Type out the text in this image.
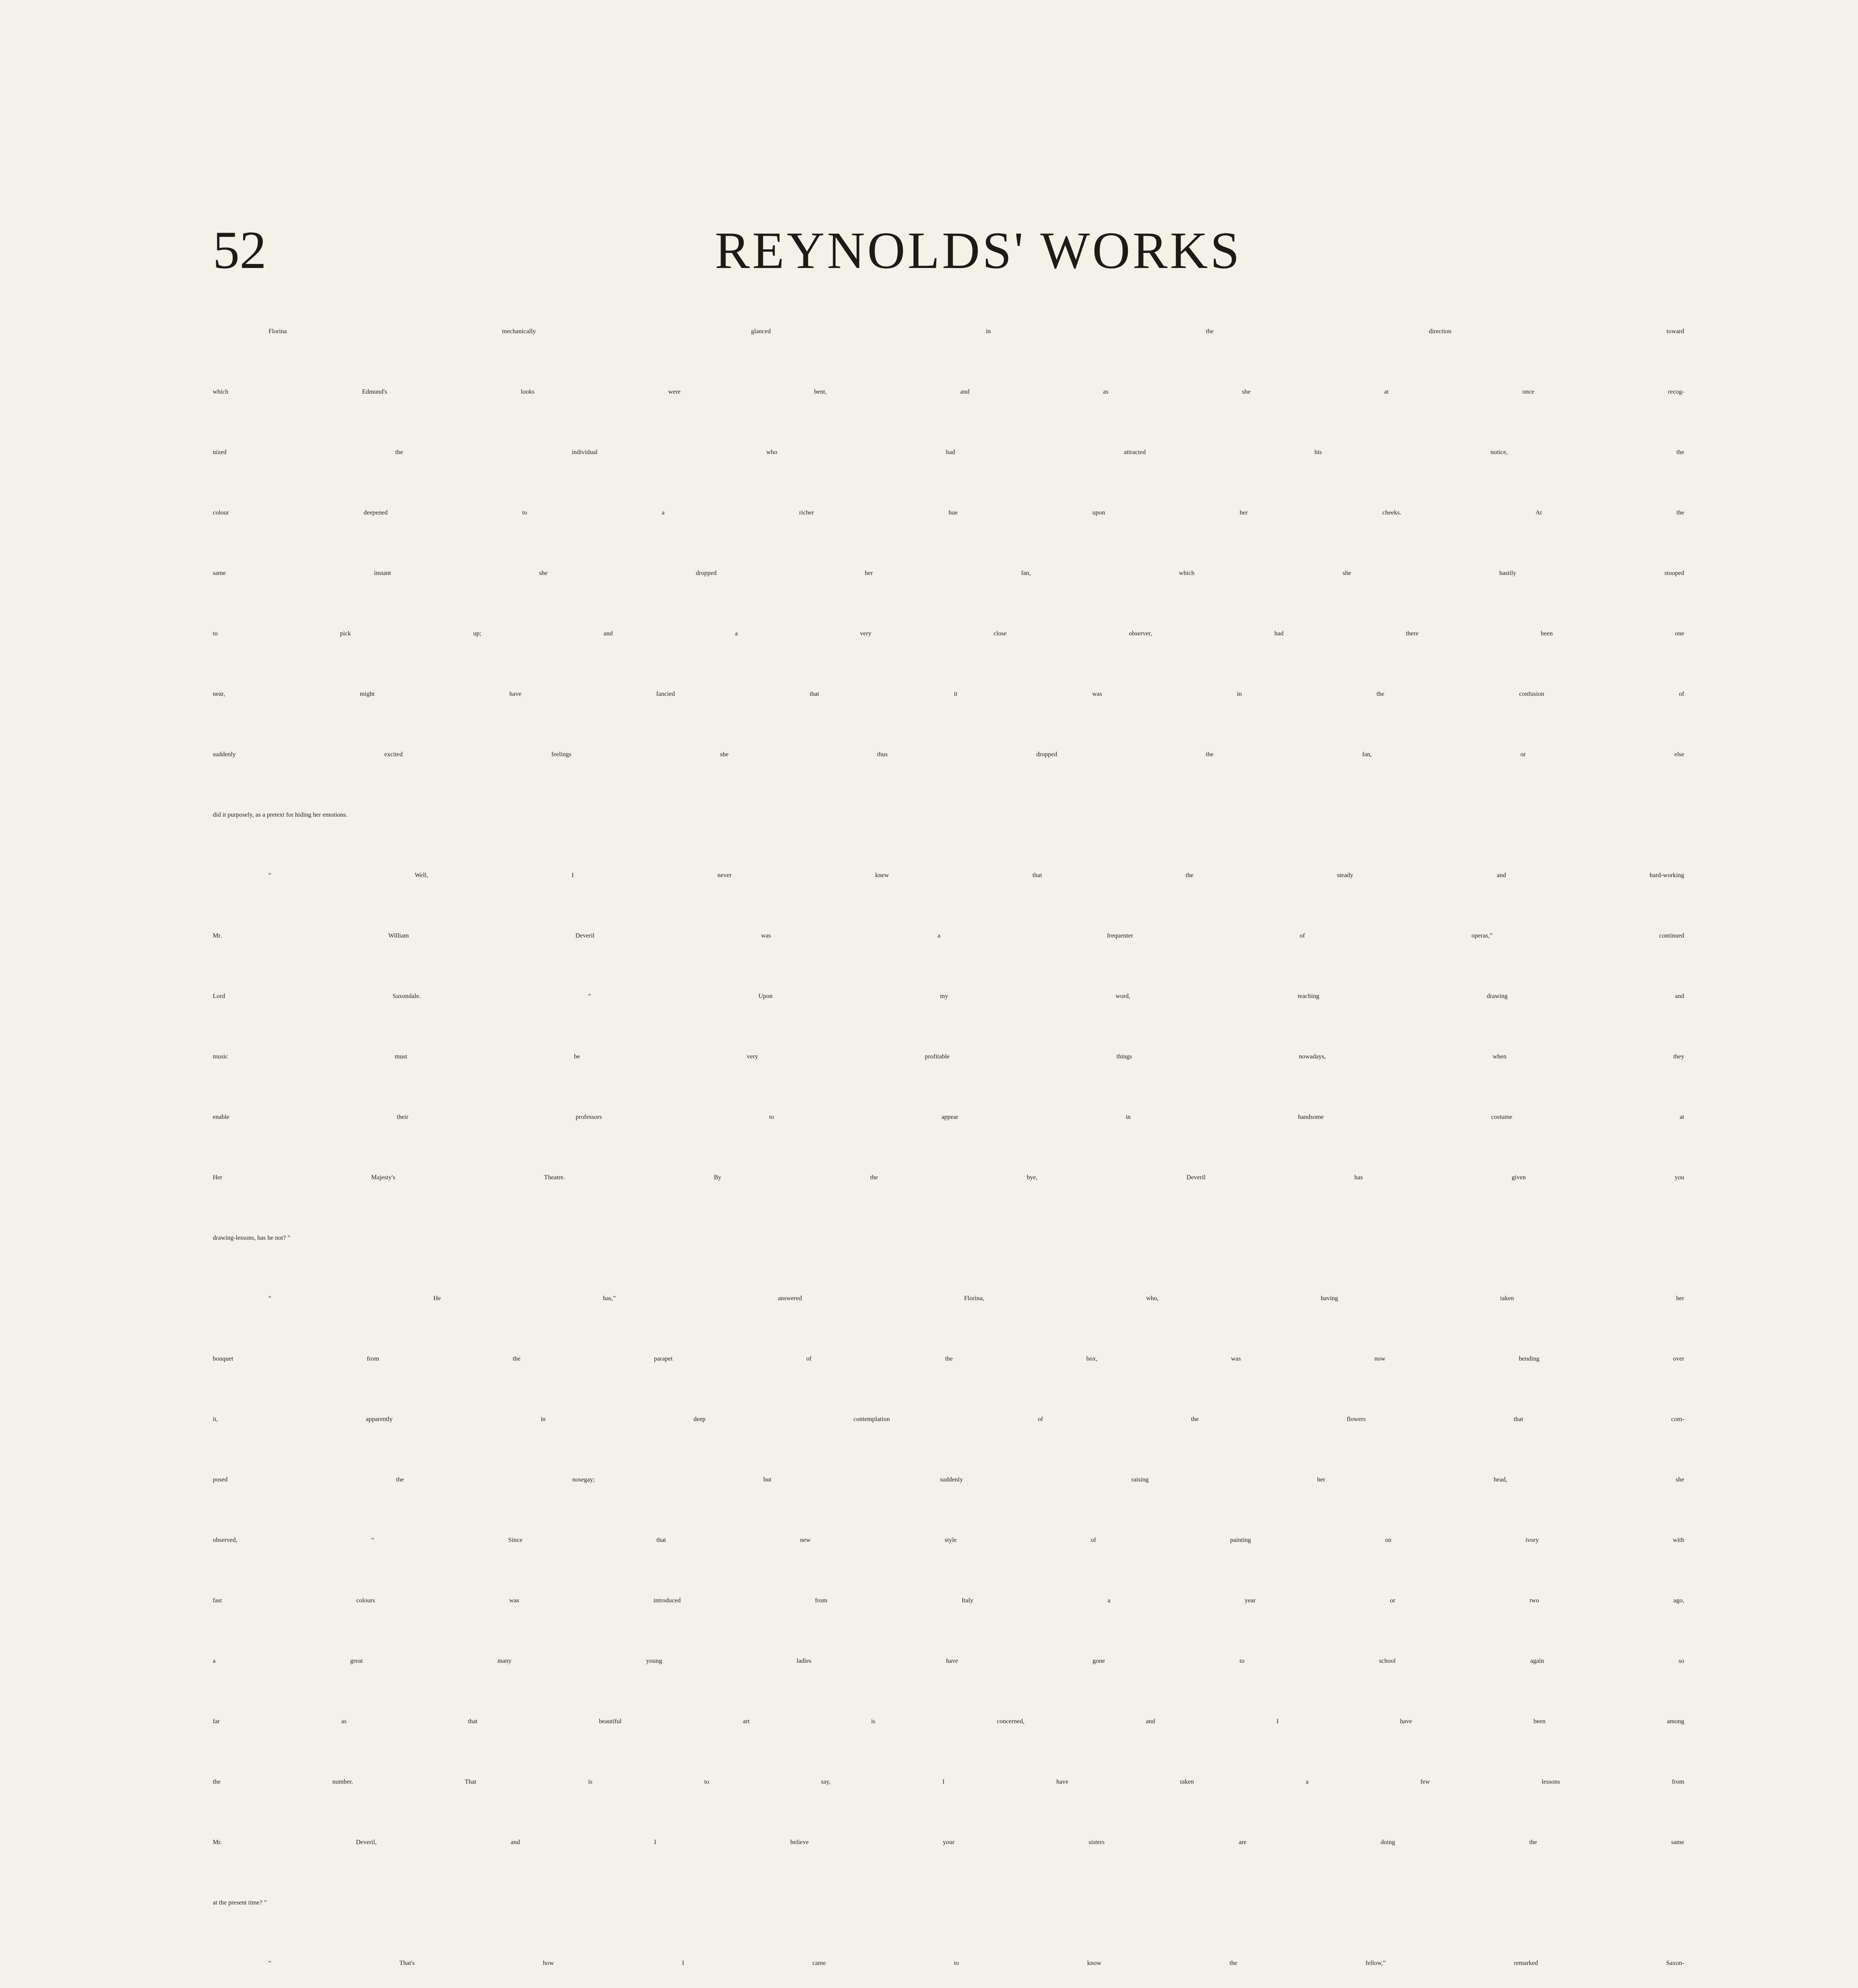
52	REYNOLDS' WORKS
Florina mechanically glanced in the direction toward
which Edmund's looks were bent, and as she at once recog-
nized the individual who had attracted his notice, the
colour deepened to a richer hue upon her cheeks. At the
same instant she dropped her fan, which she hastily stooped
to pick up; and a very close observer, had there been one
near, might have fancied that it was in the confusion of
suddenly excited feelings she thus dropped the fan, or else
did it purposely, as a pretext for hiding her emotions.
“ Well, I never knew that the steady and hard-working
Mr. William Deveril was a frequenter of operas,” continued
Lord Saxondale. “ Upon my word, teaching drawing and
music must be very profitable things nowadays, when they
enable their professors to appear in handsome costume at
Her Majesty's Theatre. By the bye, Deveril has given you
drawing-lessons, has he not? ”
“ He has,” answered Florina, who, having taken her
bouquet from the parapet of the box, was now bending over
it, apparently in deep contemplation of the flowers that com-
posed the nosegay; but suddenly raising her head, she
observed, “ Since that new style of painting on ivory with
fast colours was introduced from Italy a year or two ago,
a great many young ladies have gone to school again so
far as that beautiful art is concerned, and I have been among
the number. That is to say, I have taken a few lessons from
Mr. Deveril, and I believe your sisters are doing the same
at the present time? ”
“ That's how I came to know the fellow,” remarked Saxon-
